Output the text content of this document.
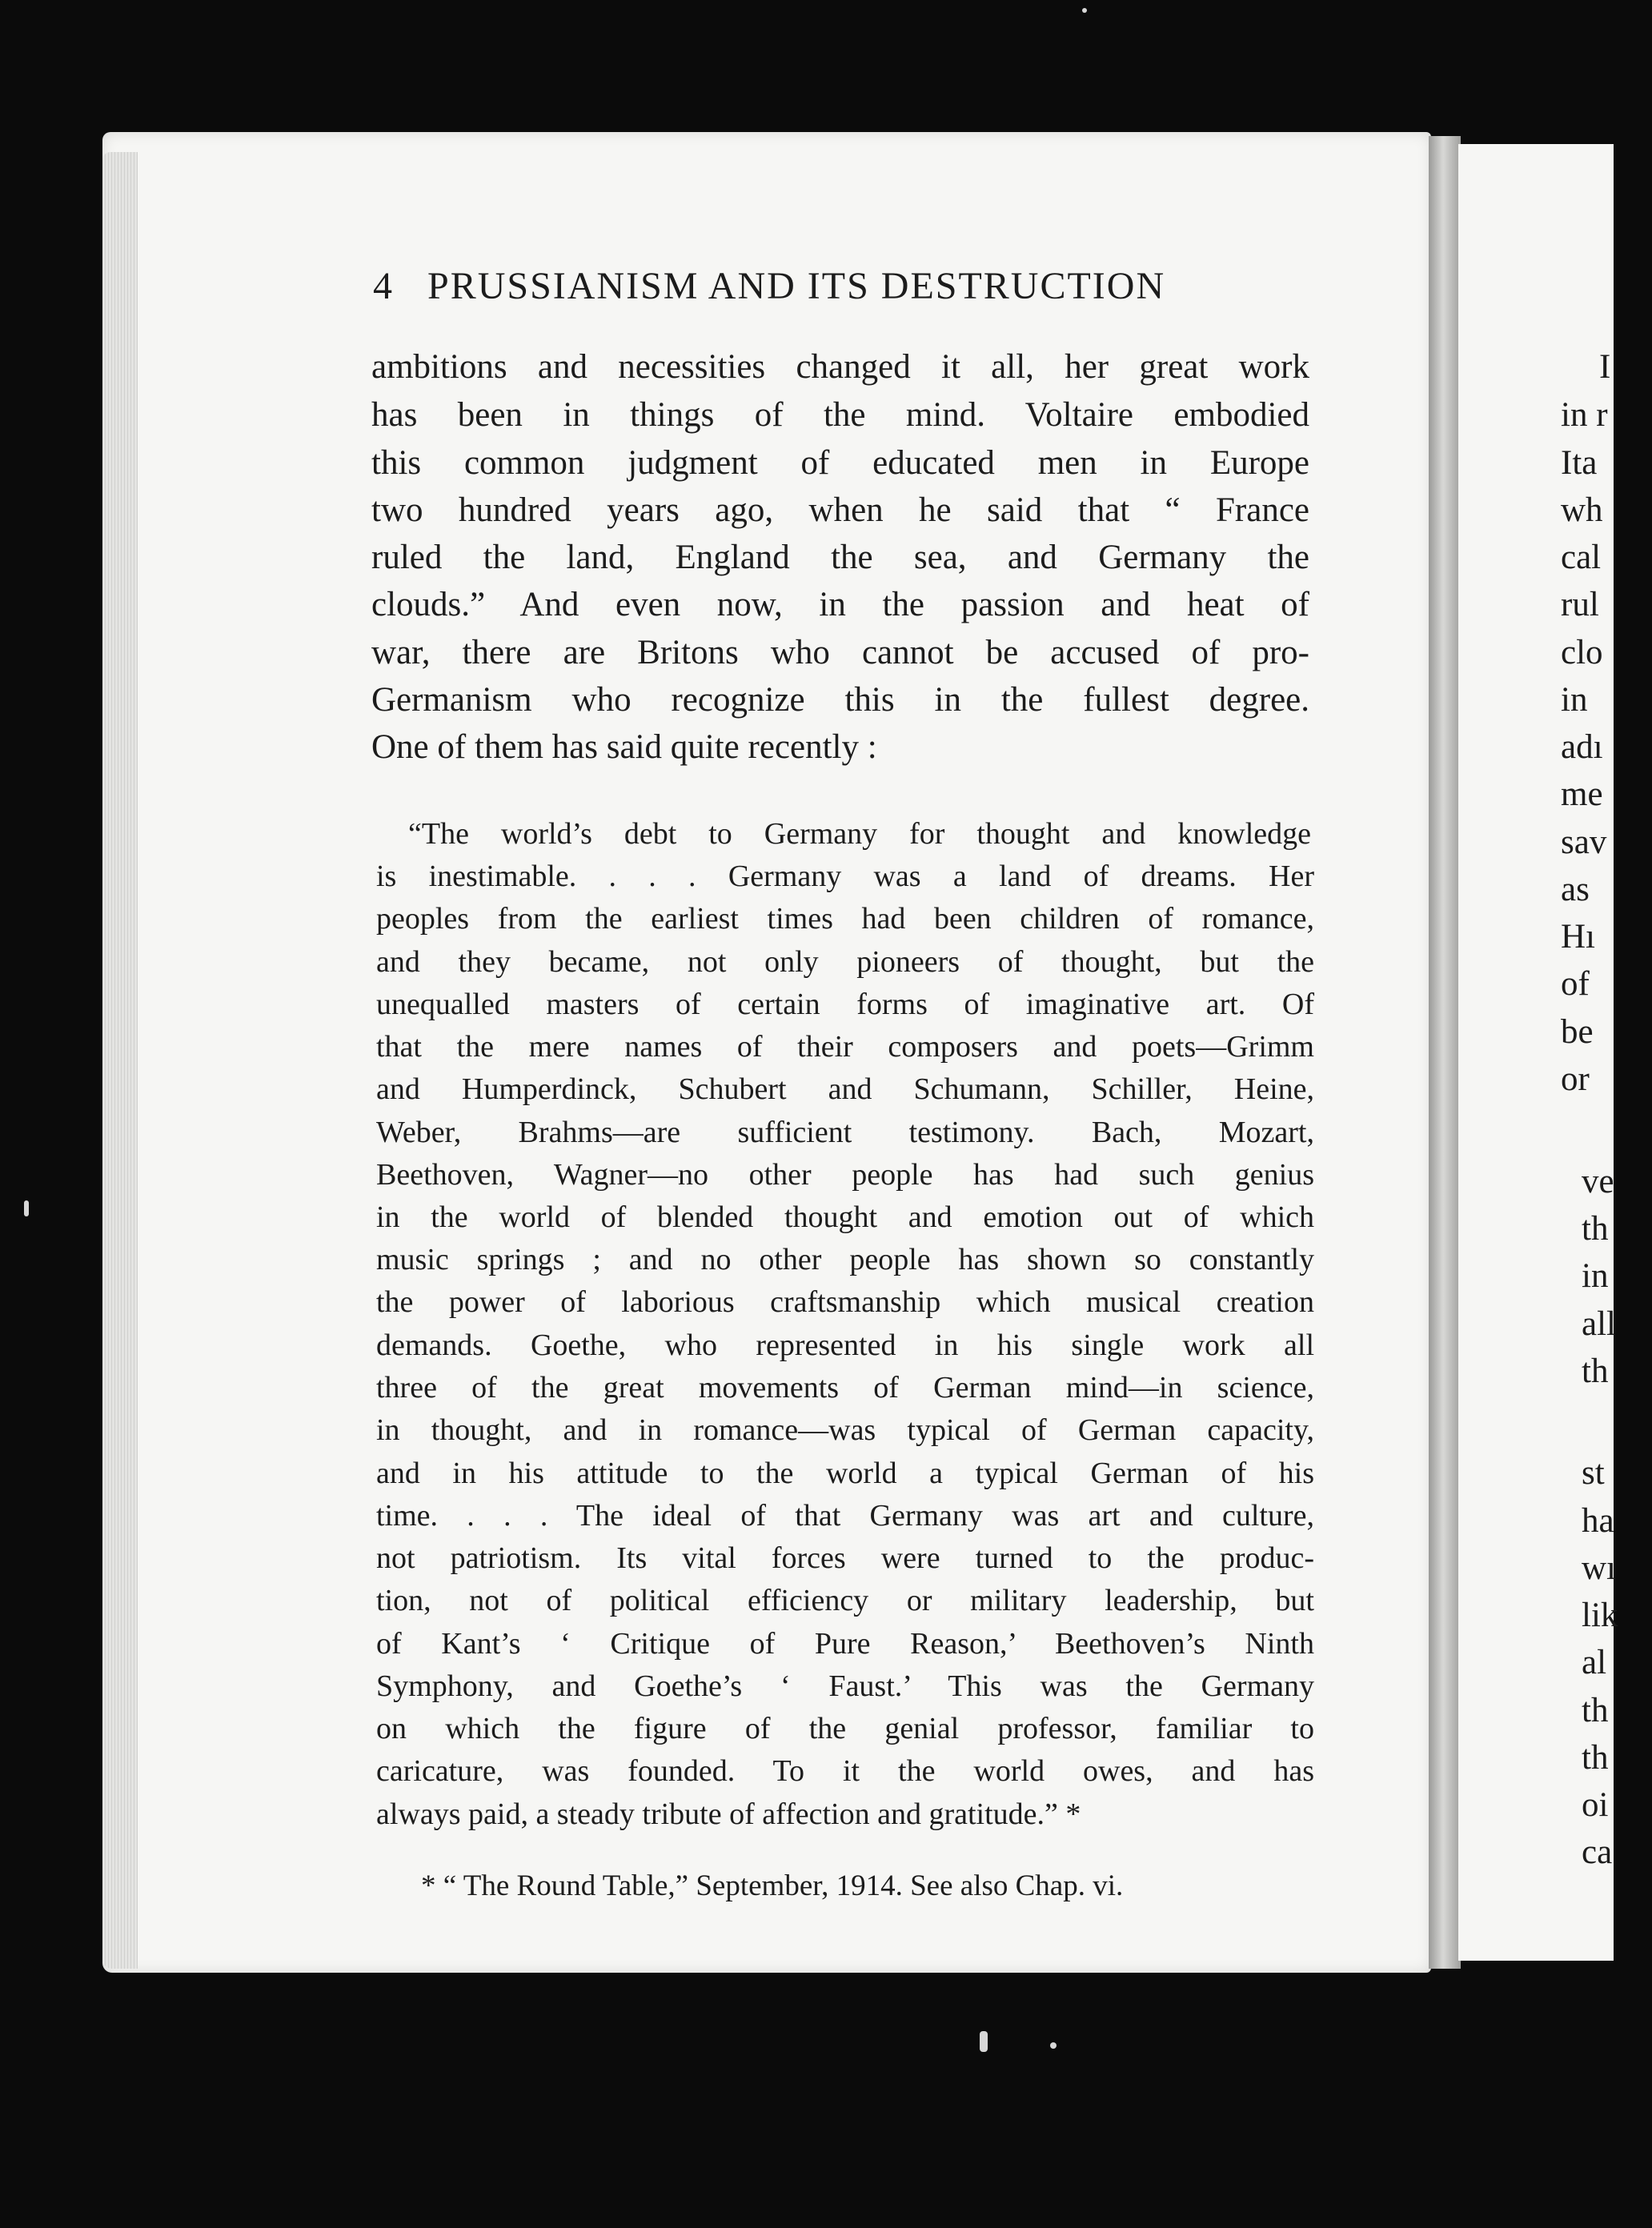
4 PRUSSIANISM AND ITS DESTRUCTION
ambitions and necessities changed it all, her great work
has been in things of the mind. Voltaire embodied
this common judgment of educated men in Europe
two hundred years ago, when he said that “ France
ruled the land, England the sea, and Germany the
clouds.” And even now, in the passion and heat of
war, there are Britons who cannot be accused of pro-
Germanism who recognize this in the fullest degree.
One of them has said quite recently :
“The world’s debt to Germany for thought and knowledge
is inestimable. . . . Germany was a land of dreams. Her
peoples from the earliest times had been children of romance,
and they became, not only pioneers of thought, but the
unequalled masters of certain forms of imaginative art. Of
that the mere names of their composers and poets—Grimm
and Humperdinck, Schubert and Schumann, Schiller, Heine,
Weber, Brahms—are sufficient testimony. Bach, Mozart,
Beethoven, Wagner—no other people has had such genius
in the world of blended thought and emotion out of which
music springs ; and no other people has shown so constantly
the power of laborious craftsmanship which musical creation
demands. Goethe, who represented in his single work all
three of the great movements of German mind—in science,
in thought, and in romance—was typical of German capacity,
and in his attitude to the world a typical German of his
time. . . . The ideal of that Germany was art and culture,
not patriotism. Its vital forces were turned to the produc-
tion, not of political efficiency or military leadership, but
of Kant’s ‘ Critique of Pure Reason,’ Beethoven’s Ninth
Symphony, and Goethe’s ‘ Faust.’ This was the Germany
on which the figure of the genial professor, familiar to
caricature, was founded. To it the world owes, and has
always paid, a steady tribute of affection and gratitude.” *
* “ The Round Table,” September, 1914. See also Chap. vi.
I
in r
Ita
wh
cal
rul
clo
in
adı
me
sav
as
Hı
of
be
or
ve
th
in
all
th
st
ha
wı
lik
al
th
th
oi
ca
